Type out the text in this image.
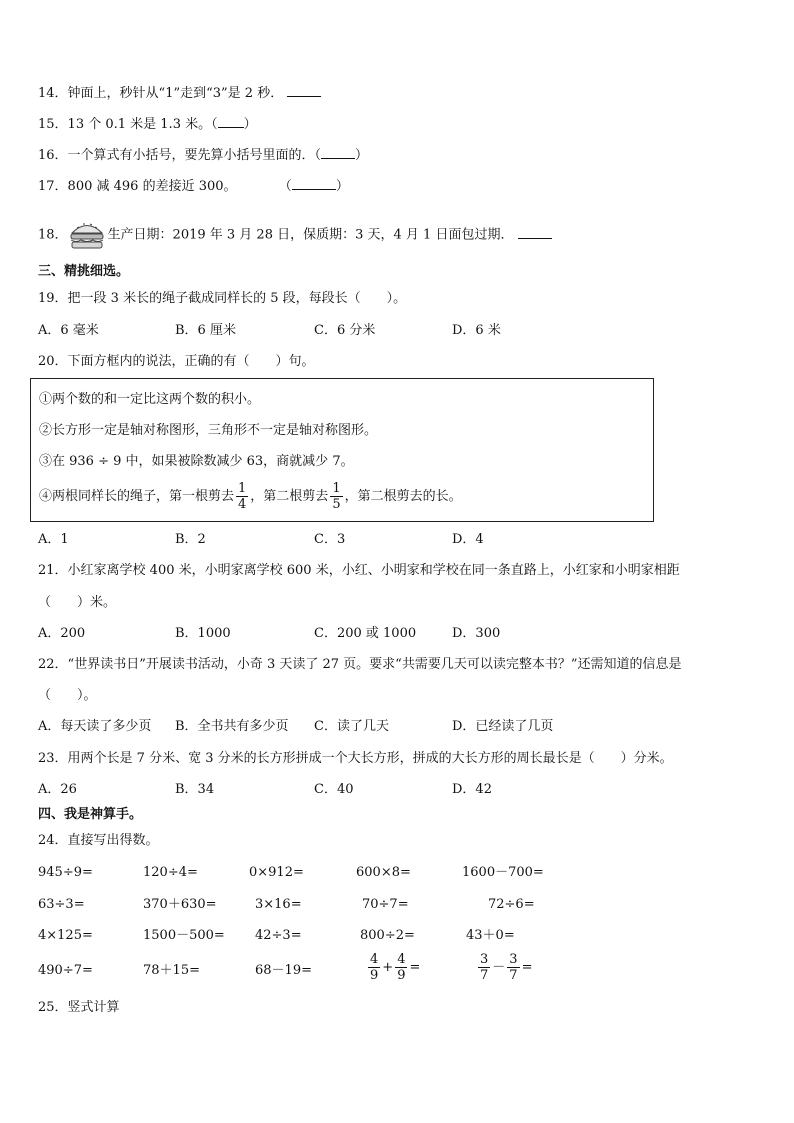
14．钟面上，秒针从“1”走到“3”是 2 秒．
15．13 个 0.1 米是 1.3 米。（ ）
16．一个算式有小括号，要先算小括号里面的．（	）
17．800 减 496 的差接近 300。	（	）
18．	生产日期：2019 年 3 月 28 日，保质期：3 天，4 月 1 日面包过期．
三、精挑细选。
19．把一段 3 米长的绳子截成同样长的 5 段，每段长（　　）。
A．6 毫米	B．6 厘米	C．6 分米	D．6 米
20．下面方框内的说法，正确的有（　　）句。
①两个数的和一定比这两个数的积小。
②长方形一定是轴对称图形，三角形不一定是轴对称图形。
③在 936 ÷ 9 中，如果被除数减少 63，商就减少 7。
④两根同样长的绳子，第一根剪去 $\frac{1}{4}$ ，第二根剪去 $\frac{1}{5}$ ，第二根剪去的长。
A．1	B．2	C．3	D．4
21．小红家离学校 400 米，小明家离学校 600 米，小红、小明家和学校在同一条直路上，小红家和小明家相距
（　　）米。
A．200	B．1000	C．200 或 1000	D．300
22．“世界读书日”开展读书活动，小奇 3 天读了 27 页。要求“共需要几天可以读完整本书？”还需知道的信息是
（　　）。
A．每天读了多少页 B．全书共有多少页 C．读了几天	D．已经读了几页
23．用两个长是 7 分米、宽 3 分米的长方形拼成一个大长方形，拼成的大长方形的周长最长是（　　）分米。
A．26	B．34	C．40	D．42
四、我是神算手。
24．直接写出得数。
945÷9=	120÷4=	0×912=	600×8=	1600－700=
63÷3=	370＋630=	3×16=	70÷7=	72÷6=
4×125=	1500－500= 42÷3=	800÷2=	43＋0=
490÷7=	78＋15=	68－19=	$\frac{4}{9} + \frac{4}{9}$ =	$\frac{3}{7} - \frac{3}{7}$ =
25．竖式计算
